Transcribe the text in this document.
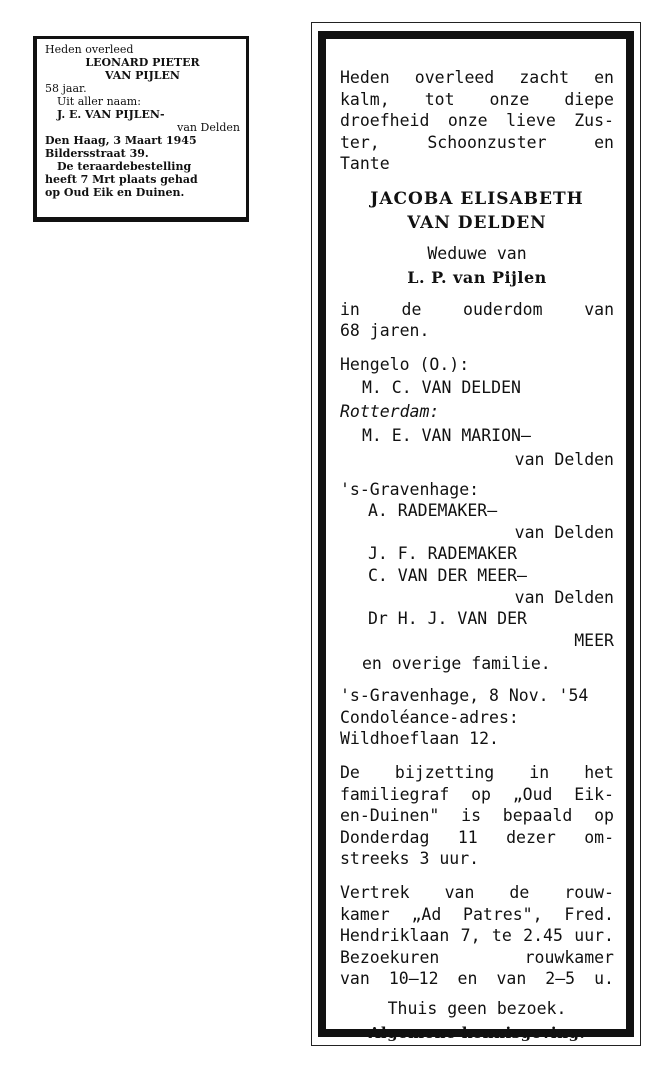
Heden overleed
LEONARD PIETER
VAN PIJLEN
58 jaar.
Uit aller naam:
J. E. VAN PIJLEN-
van Delden
Den Haag, 3 Maart 1945
Bildersstraat 39.
De teraardebestelling
heeft 7 Mrt plaats gehad
op Oud Eik en Duinen.
Heden overleed zacht en
kalm, tot onze diepe
droefheid onze lieve Zus-
ter, Schoonzuster en
Tante
JACOBA ELISABETH
VAN DELDEN
Weduwe van
L. P. van Pijlen
in de ouderdom van
68 jaren.
Hengelo (O.):
M. C. VAN DELDEN
Rotterdam:
M. E. VAN MARION—
van Delden
's-Gravenhage:
A. RADEMAKER—
van Delden
J. F. RADEMAKER
C. VAN DER MEER—
van Delden
Dr H. J. VAN DER
MEER
en overige familie.
's-Gravenhage, 8 Nov. '54
Condoléance-adres:
Wildhoeflaan 12.
De bijzetting in het
familiegraf op „Oud Eik-
en-Duinen" is bepaald op
Donderdag 11 dezer om-
streeks 3 uur.
Vertrek van de rouw-
kamer „Ad Patres", Fred.
Hendriklaan 7, te 2.45 uur.
Bezoekuren rouwkamer
van 10—12 en van 2—5 u.
Thuis geen bezoek.
Algemene kennisgeving.
